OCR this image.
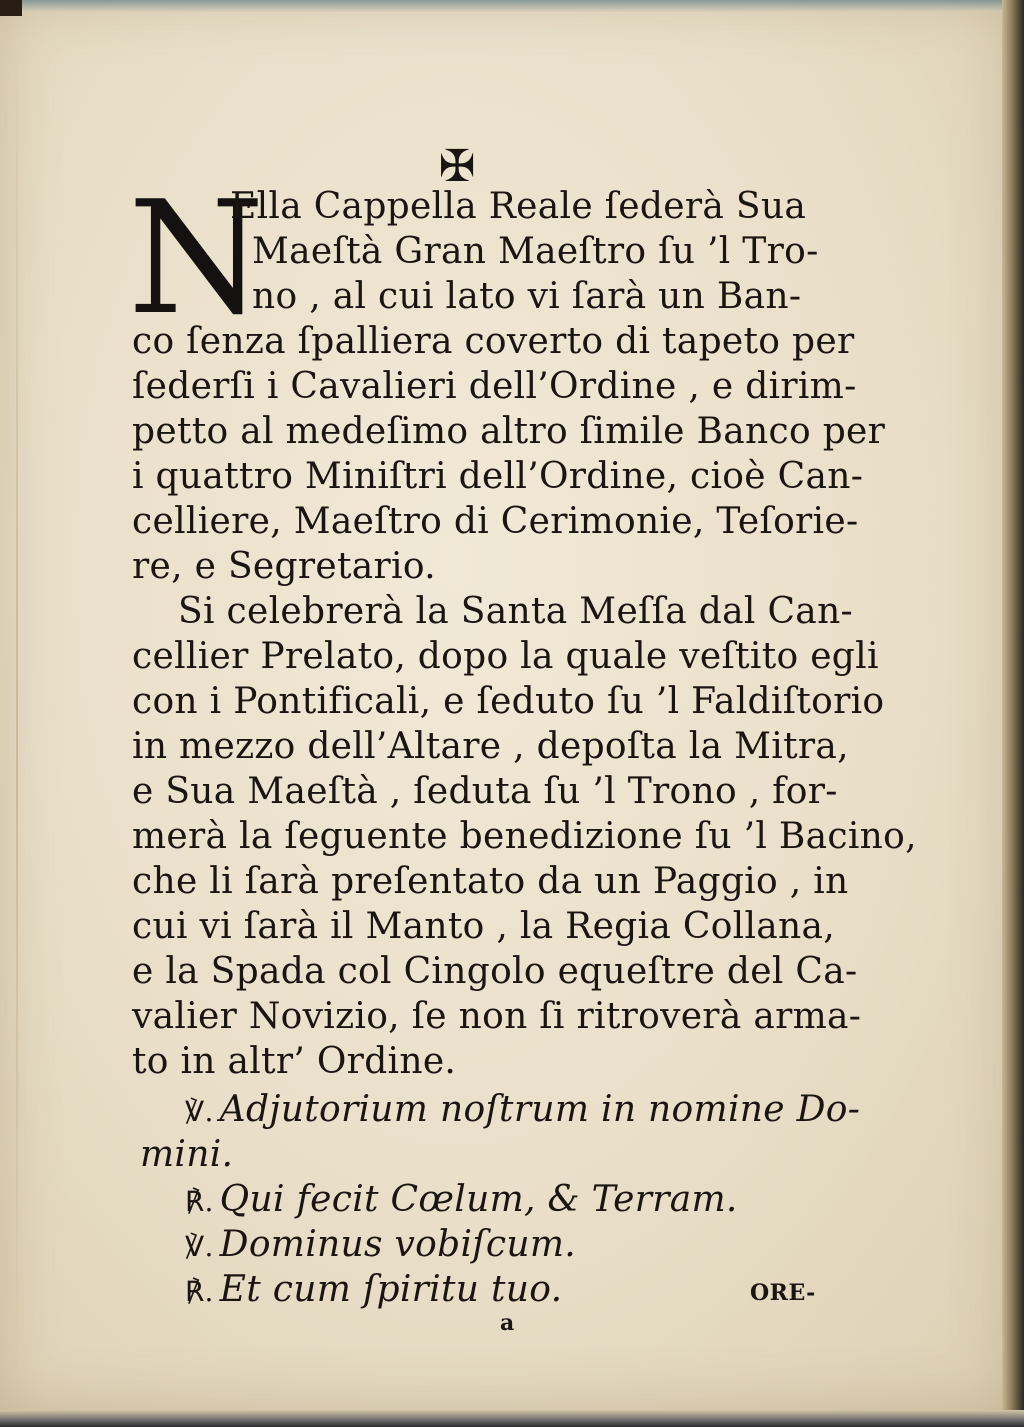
✠
N
Ella Cappella Reale ſederà Sua
Maeſtà Gran Maeſtro ſu ’l Tro-
no , al cui lato vi ſarà un Ban-
co ſenza ſpalliera coverto di tapeto per
ſederſi i Cavalieri dell’Ordine , e dirim-
petto al medeſimo altro ſimile Banco per
i quattro Miniſtri dell’Ordine, cioè Can-
celliere, Maeſtro di Cerimonie, Teſorie-
re, e Segretario.
Si celebrerà la Santa Meſſa dal Can-
cellier Prelato, dopo la quale veſtito egli
con i Pontificali, e ſeduto ſu ’l Faldiſtorio
in mezzo dell’Altare , depoſta la Mitra,
e Sua Maeſtà , ſeduta ſu ’l Trono , for-
merà la ſeguente benedizione ſu ’l Bacino,
che li ſarà preſentato da un Paggio , in
cui vi ſarà il Manto , la Regia Collana,
e la Spada col Cingolo equeſtre del Ca-
valier Novizio, ſe non ſi ritroverà arma-
to in altr’ Ordine.
℣. Adjutorium noſtrum in nomine Do-
mini.
℟. Qui fecit Cœlum, & Terram.
℣. Dominus vobiſcum.
℟. Et cum ſpiritu tuo.
a
ORE-
